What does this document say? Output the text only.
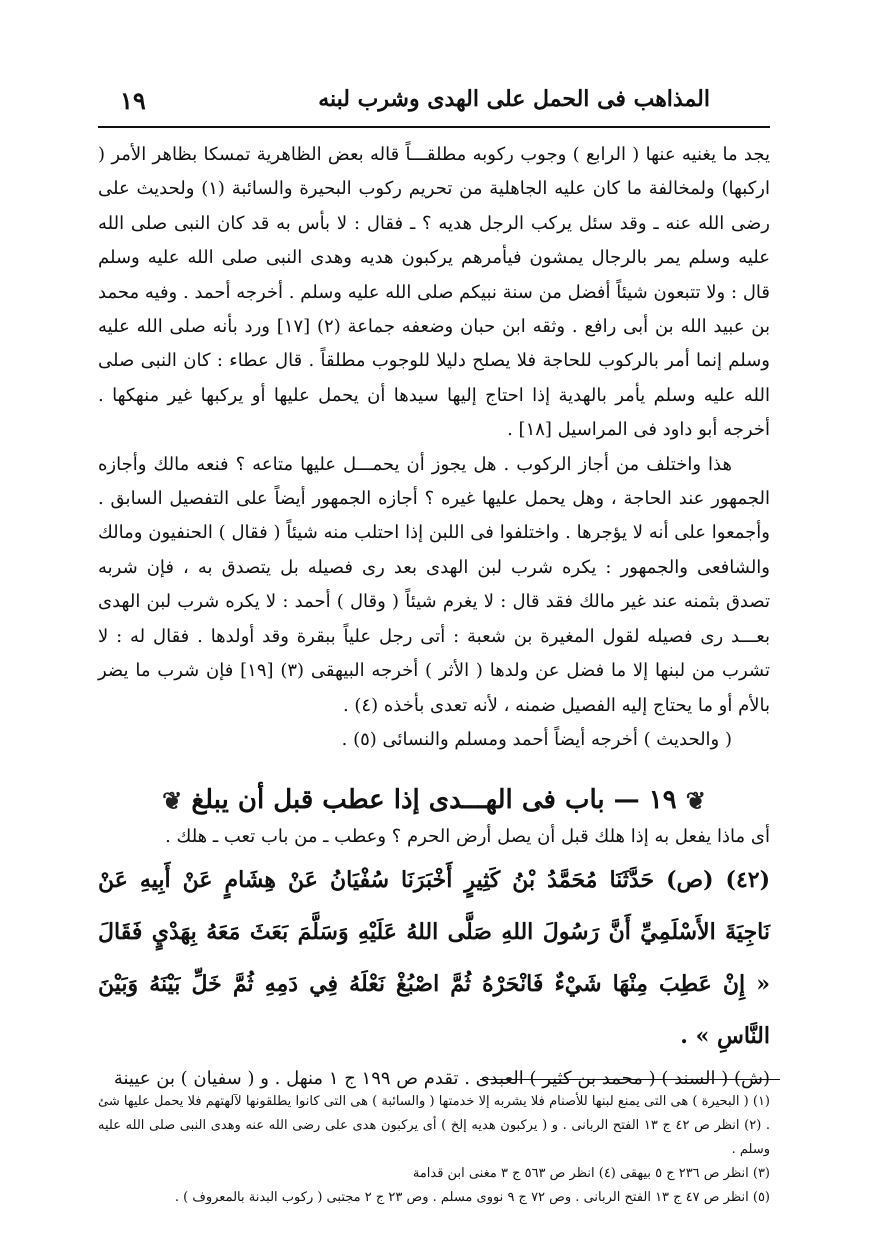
المذاهب فى الحمل على الهدى وشرب لبنه
١٩

يجد ما يغنيه عنها ( الرابع ) وجوب ركوبه مطلقـــاً قاله بعض الظاهرية تمسكا بظاهر الأمر ( اركبها) ولمخالفة ما كان عليه الجاهلية من تحريم ركوب البحيرة والسائبة (١) ولحديث على رضى الله عنه ـ وقد سئل يركب الرجل هديه ؟ ـ فقال : لا بأس به قد كان النبى صلى الله عليه وسلم يمر بالرجال يمشون فيأمرهم يركبون هديه وهدى النبى صلى الله عليه وسلم قال : ولا تتبعون شيئاً أفضل من سنة نبيكم صلى الله عليه وسلم . أخرجه أحمد . وفيه محمد بن عبيد الله بن أبى رافع . وثقه ابن حبان وضعفه جماعة (٢) [١٧] ورد بأنه صلى الله عليه وسلم إنما أمر بالركوب للحاجة فلا يصلح دليلا للوجوب مطلقاً . قال عطاء : كان النبى صلى الله عليه وسلم يأمر بالهدية إذا احتاج إليها سيدها أن يحمل عليها أو يركبها غير منهكها . أخرجه أبو داود فى المراسيل [١٨] .

هذا واختلف من أجاز الركوب . هل يجوز أن يحمـــل عليها متاعه ؟ فنعه مالك وأجازه الجمهور عند الحاجة ، وهل يحمل عليها غيره ؟ أجازه الجمهور أيضاً على التفصيل السابق . وأجمعوا على أنه لا يؤجرها . واختلفوا فى اللبن إذا احتلب منه شيئاً ( فقال ) الحنفيون ومالك والشافعى والجمهور : يكره شرب لبن الهدى بعد رى فصيله بل يتصدق به ، فإن شربه تصدق بثمنه عند غير مالك فقد قال : لا يغرم شيئاً ( وقال ) أحمد : لا يكره شرب لبن الهدى بعـــد رى فصيله لقول المغيرة بن شعبة : أتى رجل علياً ببقرة وقد أولدها . فقال له : لا تشرب من لبنها إلا ما فضل عن ولدها ( الأثر ) أخرجه البيهقى (٣) [١٩] فإن شرب ما يضر بالأم أو ما يحتاج إليه الفصيل ضمنه ، لأنه تعدى بأخذه (٤) .

( والحديث ) أخرجه أيضاً أحمد ومسلم والنسائى (٥) .

❦ ١٩ — باب فى الهـــدى إذا عطب قبل أن يبلغ ❦

أى ماذا يفعل به إذا هلك قبل أن يصل أرض الحرم ؟ وعطب ـ من باب تعب ـ هلك .

(٤٢) (ص) حَدَّثَنَا مُحَمَّدُ بْنُ كَثِيرٍ أَخْبَرَنَا سُفْيَانُ عَنْ هِشَامٍ عَنْ أَبِيهِ عَنْ نَاجِيَةَ الأَسْلَمِيِّ أَنَّ رَسُولَ اللهِ صَلَّى اللهُ عَلَيْهِ وَسَلَّمَ بَعَثَ مَعَهُ بِهَدْيٍ فَقَالَ « إِنْ عَطِبَ مِنْهَا شَيْءٌ فَانْحَرْهُ ثُمَّ اصْبُغْ نَعْلَهُ فِي دَمِهِ ثُمَّ خَلِّ بَيْنَهُ وَبَيْنَ النَّاسِ » .

(ش) ( السند ) ( محمد بن كثير ) العبدى . تقدم ص ١٩٩ ج ١ منهل . و ( سفيان ) بن عيينة

(١) ( البحيرة ) هى التى يمنع لبنها للأصنام فلا يشربه إلا خدمتها ( والسائبة ) هى التى كانوا يطلقونها لآلهتهم فلا يحمل عليها شئ . (٢) انظر ص ٤٢ ج ١٣ الفتح الربانى . و ( يركبون هديه إلخ ) أى يركبون هدى على رضى الله عنه وهدى النبى صلى الله عليه وسلم .

(٣) انظر ص ٢٣٦ ج ٥ بيهقى (٤) انظر ص ٥٦٣ ج ٣ مغنى ابن قدامة

(٥) انظر ص ٤٧ ج ١٣ الفتح الربانى . وص ٧٢ ج ٩ نووى مسلم . وص ٢٣ ج ٢ مجتبى ( ركوب البدنة بالمعروف ) .
